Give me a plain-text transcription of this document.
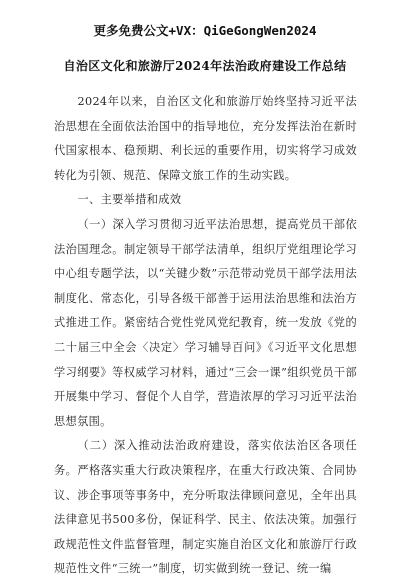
更多免费公文+VX：QiGeGongWen2024
自治区文化和旅游厅2024年法治政府建设工作总结

2024年以来，自治区文化和旅游厅始终坚持习近平法治思想在全面依法治国中的指导地位，充分发挥法治在新时代国家根本、稳预期、利长远的重要作用，切实将学习成效转化为引领、规范、保障文旅工作的生动实践。

一、主要举措和成效

（一）深入学习贯彻习近平法治思想，提高党员干部依法治国理念。制定领导干部学法清单，组织厅党组理论学习中心组专题学法，以“关键少数”示范带动党员干部学法用法制度化、常态化，引导各级干部善于运用法治思维和法治方式推进工作。紧密结合党性党风党纪教育，统一发放《党的二十届三中全会〈决定〉学习辅导百问》《习近平文化思想学习纲要》等权威学习材料，通过“三会一课”组织党员干部开展集中学习、督促个人自学，营造浓厚的学习习近平法治思想氛围。

（二）深入推动法治政府建设，落实依法治区各项任务。严格落实重大行政决策程序，在重大行政决策、合同协议、涉企事项等事务中，充分听取法律顾问意见，全年出具法律意见书500多份，保证科学、民主、依法决策。加强行政规范性文件监督管理，制定实施自治区文化和旅游厅行政规范性文件“三统一”制度，切实做到统一登记、统一编
